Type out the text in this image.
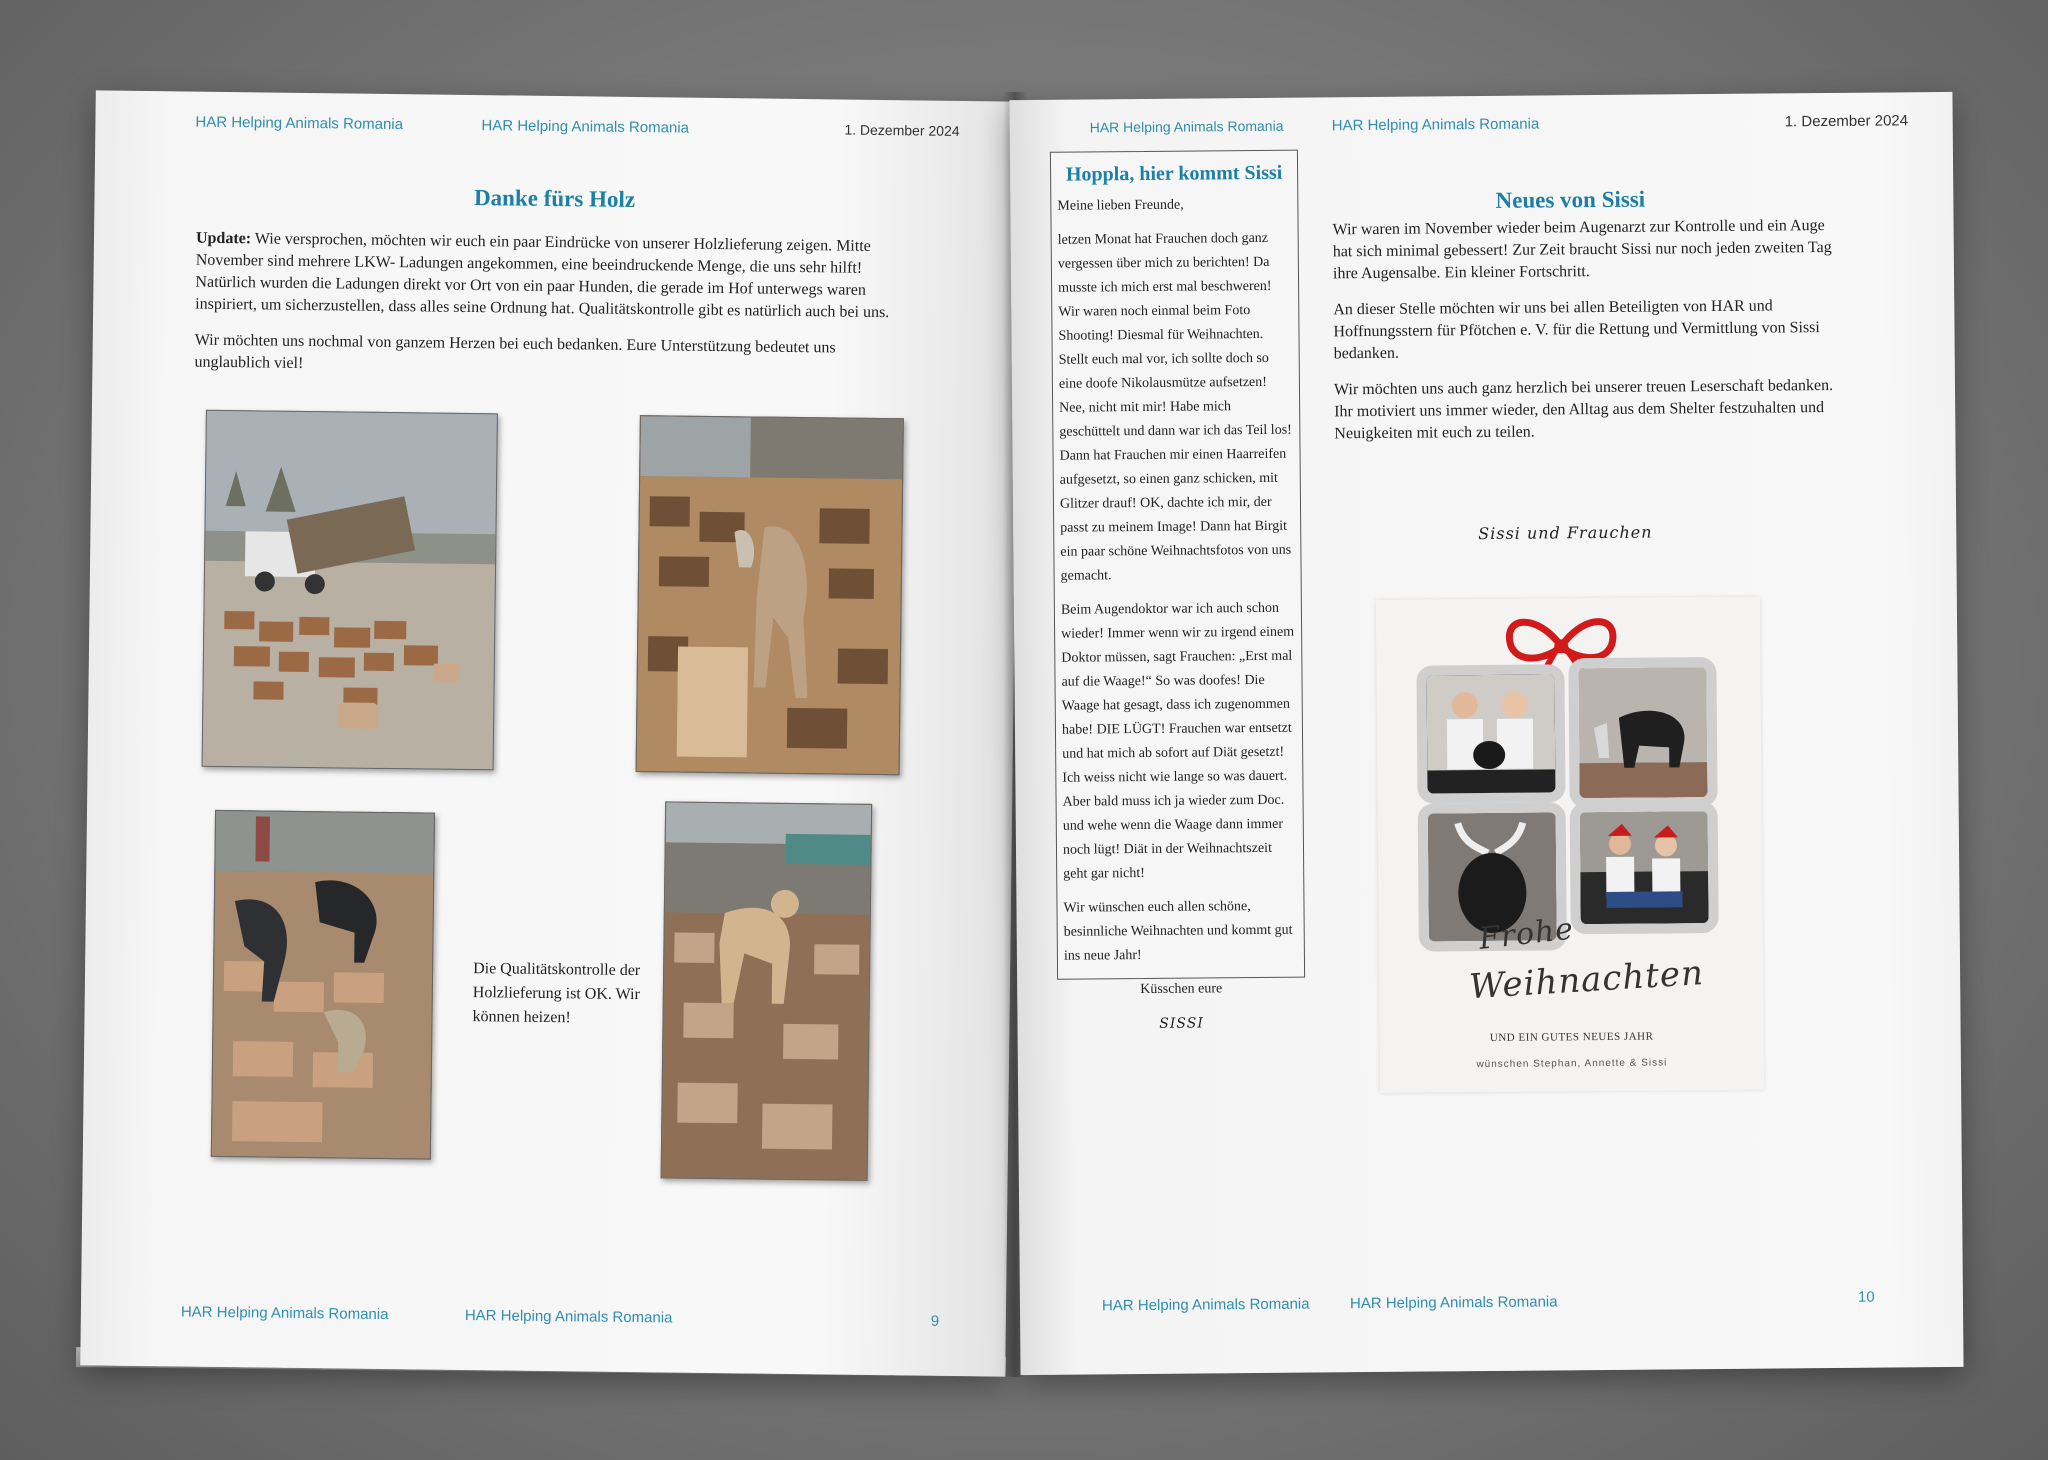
HAR Helping Animals Romania	HAR Helping Animals Romania	1. Dezember 2024
Danke fürs Holz

Update: Wie versprochen, möchten wir euch ein paar Eindrücke von unserer Holzlieferung zeigen. Mitte November sind mehrere LKW- Ladungen angekommen, eine beeindruckende Menge, die uns sehr hilft! Natürlich wurden die Ladungen direkt vor Ort von ein paar Hunden, die gerade im Hof unterwegs waren inspiriert, um sicherzustellen, dass alles seine Ordnung hat. Qualitätskontrolle gibt es natürlich auch bei uns.

Wir möchten uns nochmal von ganzem Herzen bei euch bedanken. Eure Unterstützung bedeutet uns unglaublich viel!

Die Qualitätskontrolle der Holzlieferung ist OK. Wir können heizen!
HAR Helping Animals Romania	HAR Helping Animals Romania	9
HAR Helping Animals Romania	HAR Helping Animals Romania	1. Dezember 2024
Hoppla, hier kommt Sissi

Meine lieben Freunde,

letzen Monat hat Frauchen doch ganz vergessen über mich zu berichten! Da musste ich mich erst mal beschweren! Wir waren noch einmal beim Foto Shooting! Diesmal für Weihnachten. Stellt euch mal vor, ich sollte doch so eine doofe Nikolausmütze aufsetzen! Nee, nicht mit mir! Habe mich geschüttelt und dann war ich das Teil los! Dann hat Frauchen mir einen Haarreifen aufgesetzt, so einen ganz schicken, mit Glitzer drauf! OK, dachte ich mir, der passt zu meinem Image! Dann hat Birgit ein paar schöne Weihnachtsfotos von uns gemacht.

Beim Augendoktor war ich auch schon wieder! Immer wenn wir zu irgend einem Doktor müssen, sagt Frauchen: „Erst mal auf die Waage!“ So was doofes! Die Waage hat gesagt, dass ich zugenommen habe! DIE LÜGT! Frauchen war entsetzt und hat mich ab sofort auf Diät gesetzt! Ich weiss nicht wie lange so was dauert. Aber bald muss ich ja wieder zum Doc. und wehe wenn die Waage dann immer noch lügt! Diät in der Weihnachtszeit geht gar nicht!

Wir wünschen euch allen schöne, besinnliche Weihnachten und kommt gut ins neue Jahr!

Küsschen eure

SISSI

Neues von Sissi

Wir waren im November wieder beim Augenarzt zur Kontrolle und ein Auge hat sich minimal gebessert! Zur Zeit braucht Sissi nur noch jeden zweiten Tag ihre Augensalbe. Ein kleiner Fortschritt.

An dieser Stelle möchten wir uns bei allen Beteiligten von HAR und Hoffnungsstern für Pfötchen e. V. für die Rettung und Vermittlung von Sissi bedanken.

Wir möchten uns auch ganz herzlich bei unserer treuen Leserschaft bedanken. Ihr motiviert uns immer wieder, den Alltag aus dem Shelter festzuhalten und Neuigkeiten mit euch zu teilen.

Sissi und Frauchen
Frohe
Weihnachten
UND EIN GUTES NEUES JAHR
wünschen Stephan, Annette & Sissi
HAR Helping Animals Romania	HAR Helping Animals Romania	10
